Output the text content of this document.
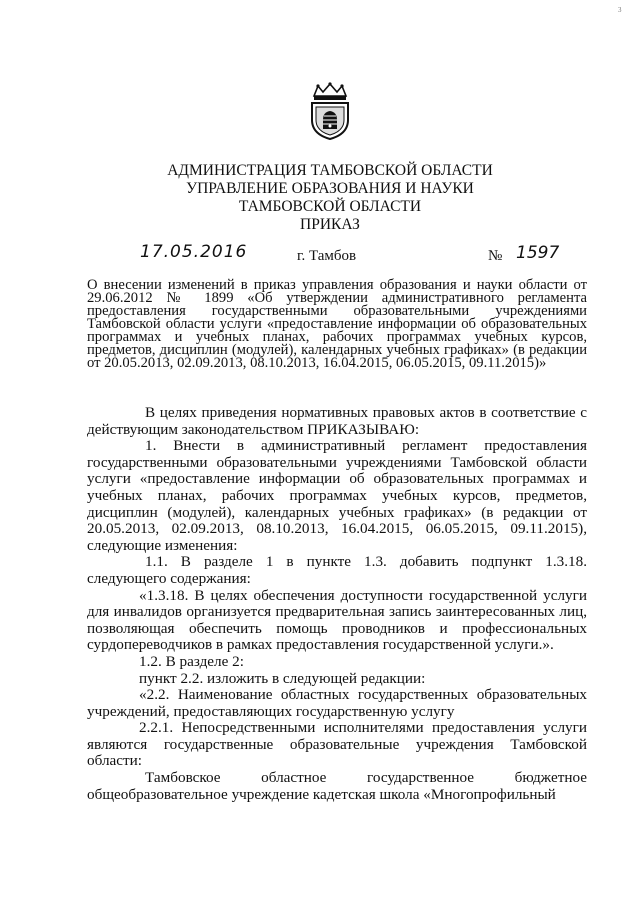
3
АДМИНИСТРАЦИЯ ТАМБОВСКОЙ ОБЛАСТИ
УПРАВЛЕНИЕ ОБРАЗОВАНИЯ И НАУКИ
ТАМБОВСКОЙ ОБЛАСТИ
ПРИКАЗ
17.05.2016	г. Тамбов	№ 1597
О внесении изменений в приказ управления образования и науки области от 29.06.2012 № 1899 «Об утверждении административного регламента предоставления государственными образовательными учреждениями Тамбовской области услуги «предоставление информации об образовательных программах и учебных планах, рабочих программах учебных курсов, предметов, дисциплин (модулей), календарных учебных графиках» (в редакции от 20.05.2013, 02.09.2013, 08.10.2013, 16.04.2015, 06.05.2015, 09.11.2015)»

В целях приведения нормативных правовых актов в соответствие с действующим законодательством ПРИКАЗЫВАЮ:

1. Внести в административный регламент предоставления государственными образовательными учреждениями Тамбовской области услуги «предоставление информации об образовательных программах и учебных планах, рабочих программах учебных курсов, предметов, дисциплин (модулей), календарных учебных графиках» (в редакции от 20.05.2013, 02.09.2013, 08.10.2013, 16.04.2015, 06.05.2015, 09.11.2015), следующие изменения:

1.1. В разделе 1 в пункте 1.3. добавить подпункт 1.3.18. следующего содержания:

«1.3.18. В целях обеспечения доступности государственной услуги для инвалидов организуется предварительная запись заинтересованных лиц, позволяющая обеспечить помощь проводников и профессиональных сурдопереводчиков в рамках предоставления государственной услуги.».

1.2. В разделе 2:

пункт 2.2. изложить в следующей редакции:

«2.2. Наименование областных государственных образовательных учреждений, предоставляющих государственную услугу

2.2.1. Непосредственными исполнителями предоставления услуги являются государственные образовательные учреждения Тамбовской области:

Тамбовское областное государственное бюджетное общеобразовательное учреждение кадетская школа «Многопрофильный
